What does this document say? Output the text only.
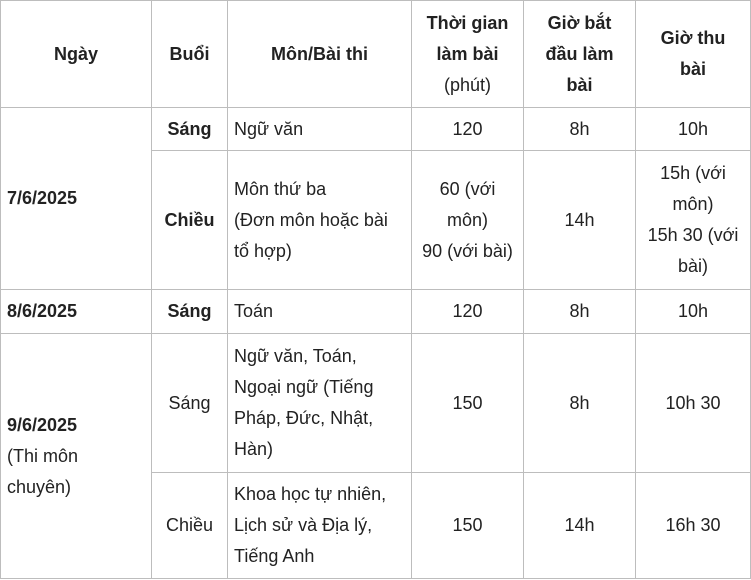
Ngày	Buổi	Môn/Bài thi	Thời gian
làm bài
(phút)	Giờ bắt
đầu làm
bài	Giờ thu
bài

7/6/2025	Sáng	Ngữ văn	120	8h	10h
	Chiều	Môn thứ ba
(Đơn môn hoặc bài
tổ hợp)	60 (với
môn)
90 (với bài)	14h	15h (với
môn)
15h 30 (với
bài)

8/6/2025	Sáng	Toán	120	8h	10h

9/6/2025
(Thi môn
chuyên)	Sáng	Ngữ văn, Toán,
Ngoại ngữ (Tiếng
Pháp, Đức, Nhật,
Hàn)	150	8h	10h 30
	Chiều	Khoa học tự nhiên,
Lịch sử và Địa lý,
Tiếng Anh	150	14h	16h 30
